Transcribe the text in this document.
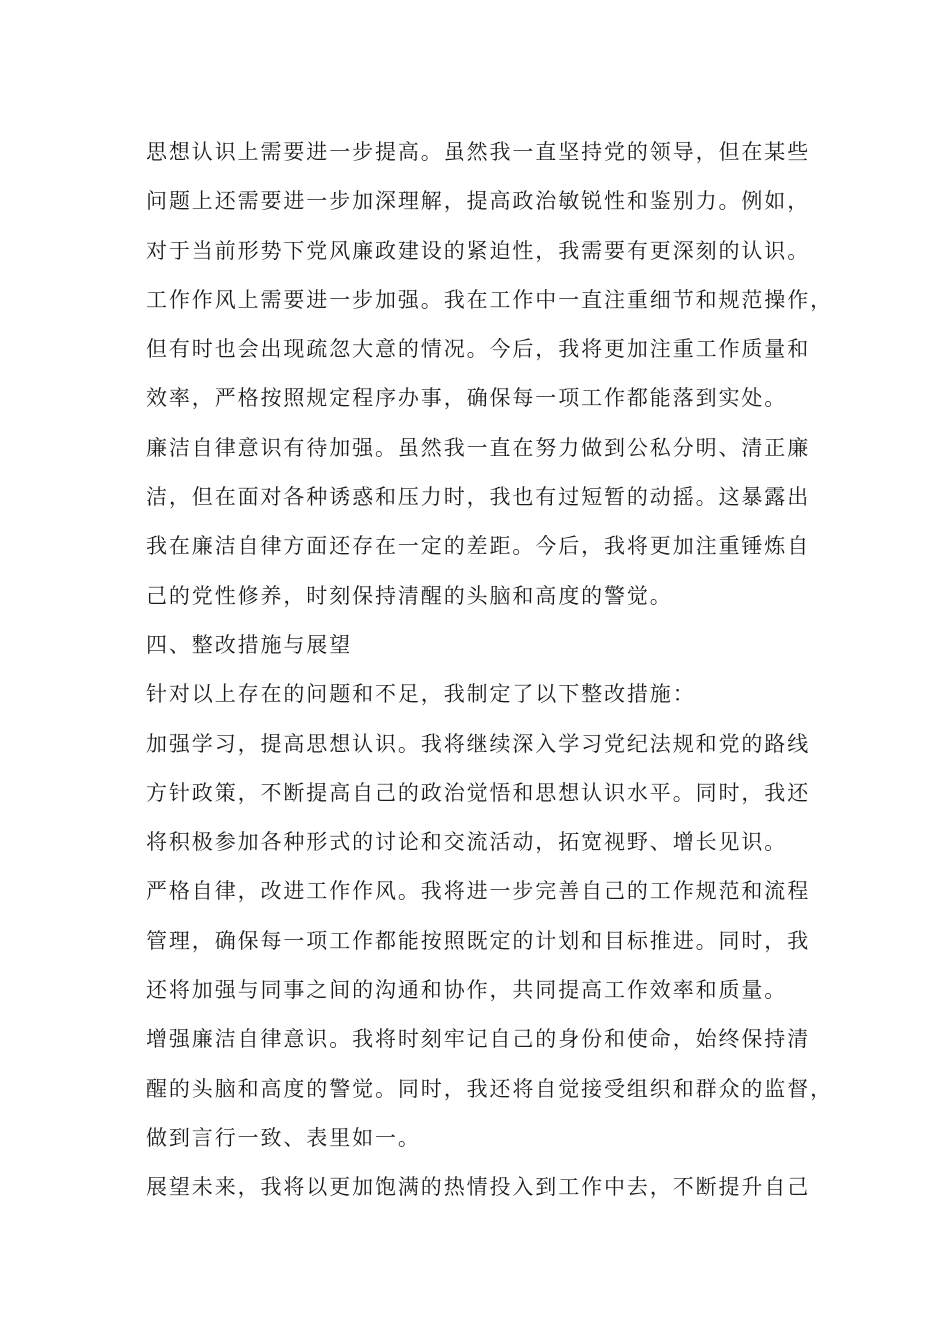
思想认识上需要进一步提高。虽然我一直坚持党的领导，但在某些
问题上还需要进一步加深理解，提高政治敏锐性和鉴别力。例如，
对于当前形势下党风廉政建设的紧迫性，我需要有更深刻的认识。
工作作风上需要进一步加强。我在工作中一直注重细节和规范操作，
但有时也会出现疏忽大意的情况。今后，我将更加注重工作质量和
效率，严格按照规定程序办事，确保每一项工作都能落到实处。
廉洁自律意识有待加强。虽然我一直在努力做到公私分明、清正廉
洁，但在面对各种诱惑和压力时，我也有过短暂的动摇。这暴露出
我在廉洁自律方面还存在一定的差距。今后，我将更加注重锤炼自
己的党性修养，时刻保持清醒的头脑和高度的警觉。
四、整改措施与展望
针对以上存在的问题和不足，我制定了以下整改措施：
加强学习，提高思想认识。我将继续深入学习党纪法规和党的路线
方针政策，不断提高自己的政治觉悟和思想认识水平。同时，我还
将积极参加各种形式的讨论和交流活动，拓宽视野、增长见识。
严格自律，改进工作作风。我将进一步完善自己的工作规范和流程
管理，确保每一项工作都能按照既定的计划和目标推进。同时，我
还将加强与同事之间的沟通和协作，共同提高工作效率和质量。
增强廉洁自律意识。我将时刻牢记自己的身份和使命，始终保持清
醒的头脑和高度的警觉。同时，我还将自觉接受组织和群众的监督，
做到言行一致、表里如一。
展望未来，我将以更加饱满的热情投入到工作中去，不断提升自己
